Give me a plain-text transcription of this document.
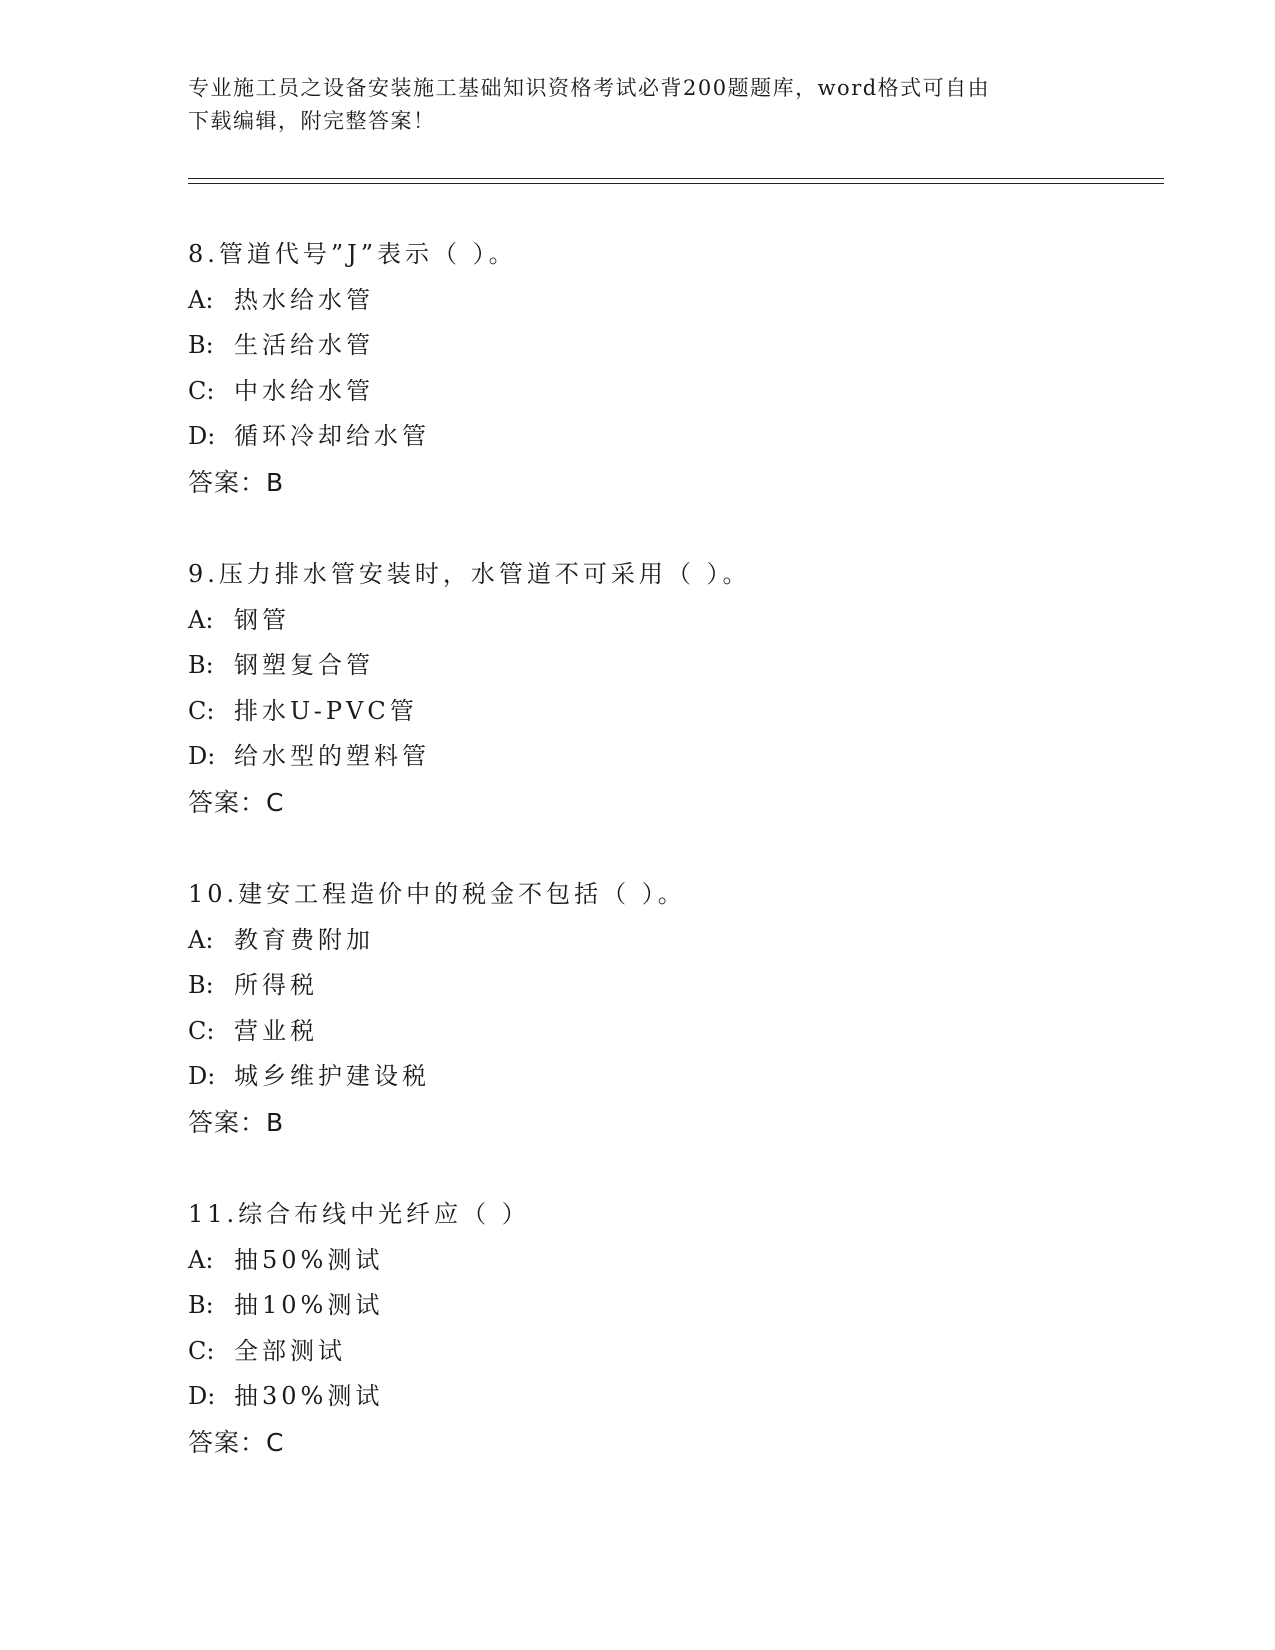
专业施工员之设备安装施工基础知识资格考试必背200题题库，word格式可自由
下载编辑，附完整答案！
8.管道代号”J”表示（ ）。
A: 热水给水管
B: 生活给水管
C: 中水给水管
D: 循环冷却给水管
答案：B
9.压力排水管安装时，水管道不可采用（ ）。
A: 钢管
B: 钢塑复合管
C: 排水U-PVC管
D: 给水型的塑料管
答案：C
10.建安工程造价中的税金不包括（ ）。
A: 教育费附加
B: 所得税
C: 营业税
D: 城乡维护建设税
答案：B
11.综合布线中光纤应（ ）
A: 抽50%测试
B: 抽10%测试
C: 全部测试
D: 抽30%测试
答案：C
